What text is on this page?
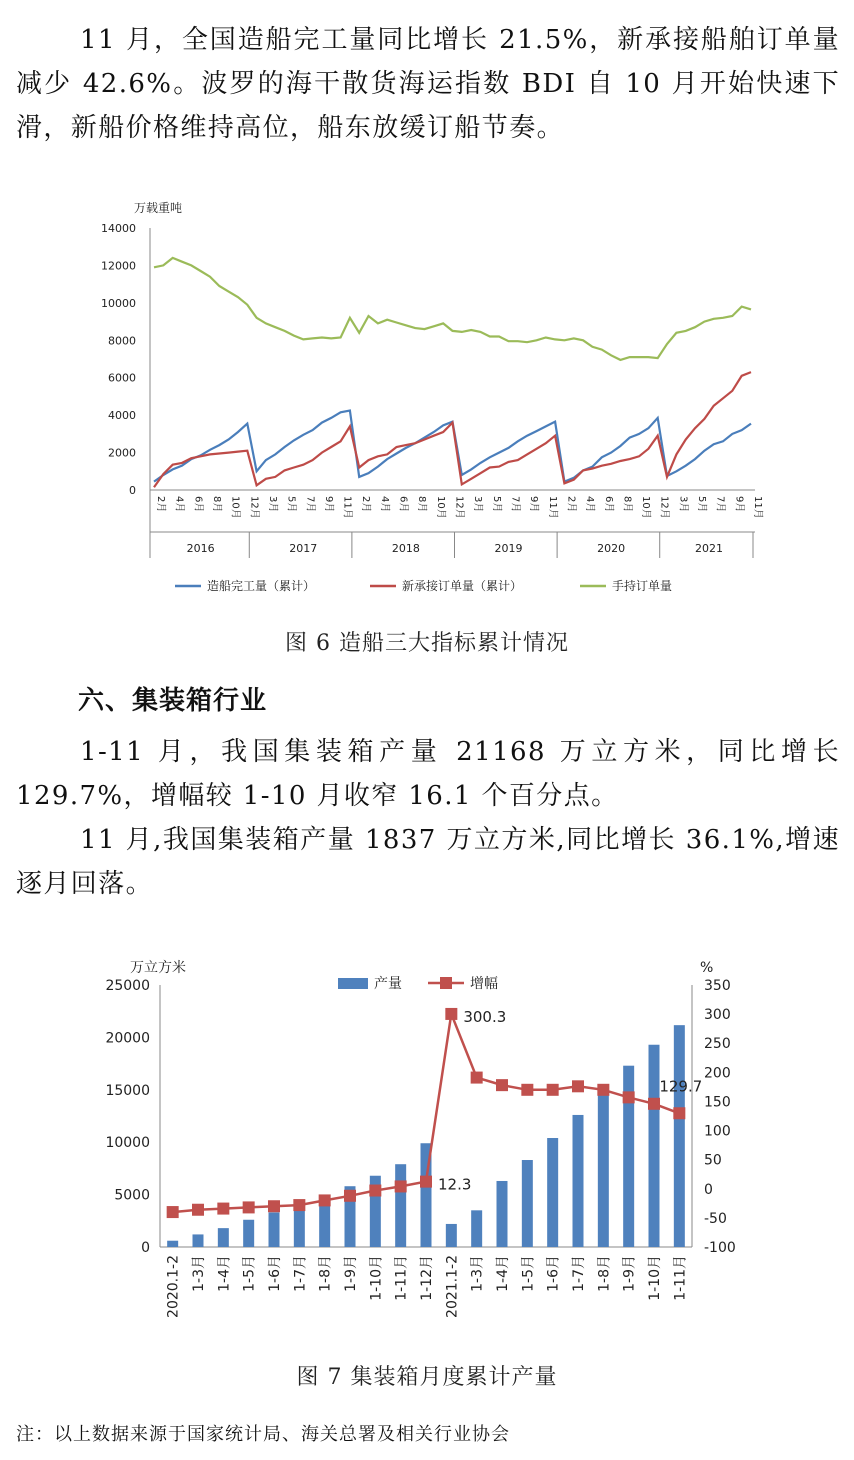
11 月，全国造船完工量同比增长 21.5%，新承接船舶订单量减少 42.6%。波罗的海干散货海运指数 BDI 自 10 月开始快速下滑，新船价格维持高位，船东放缓订船节奏。

万载重吨
0
2000
4000
6000
8000
10000
12000
14000
2月 4月 6月 8月 10月 12月 3月 5月 7月 9月 11月 2月 4月 6月 8月 10月 12月 3月 5月 7月 9月 11月 2月 4月 6月 8月 10月 12月 3月 5月 7月 9月 11月
2016	2017	2018	2019	2020	2021
造船完工量（累计）	新承接订单量（累计）	手持订单量
图 6 造船三大指标累计情况
六、集装箱行业

1-11 月，我国集装箱产量 21168 万立方米，同比增长 129.7%，增幅较 1-10 月收窄 16.1 个百分点。

11 月,我国集装箱产量 1837 万立方米,同比增长 36.1%,增速逐月回落。

万立方米	%
0
5000
10000
15000
20000
25000
-100
-50
0
50
100
150
200
250
300
350
12.3
300.3
129.7
2020.1-2 1-3月 1-4月 1-5月 1-6月 1-7月 1-8月 1-9月 1-10月 1-11月 1-12月 2021.1-2 1-3月 1-4月 1-5月 1-6月 1-7月 1-8月 1-9月 1-10月 1-11月
产量	增幅
图 7 集装箱月度累计产量
注：以上数据来源于国家统计局、海关总署及相关行业协会
